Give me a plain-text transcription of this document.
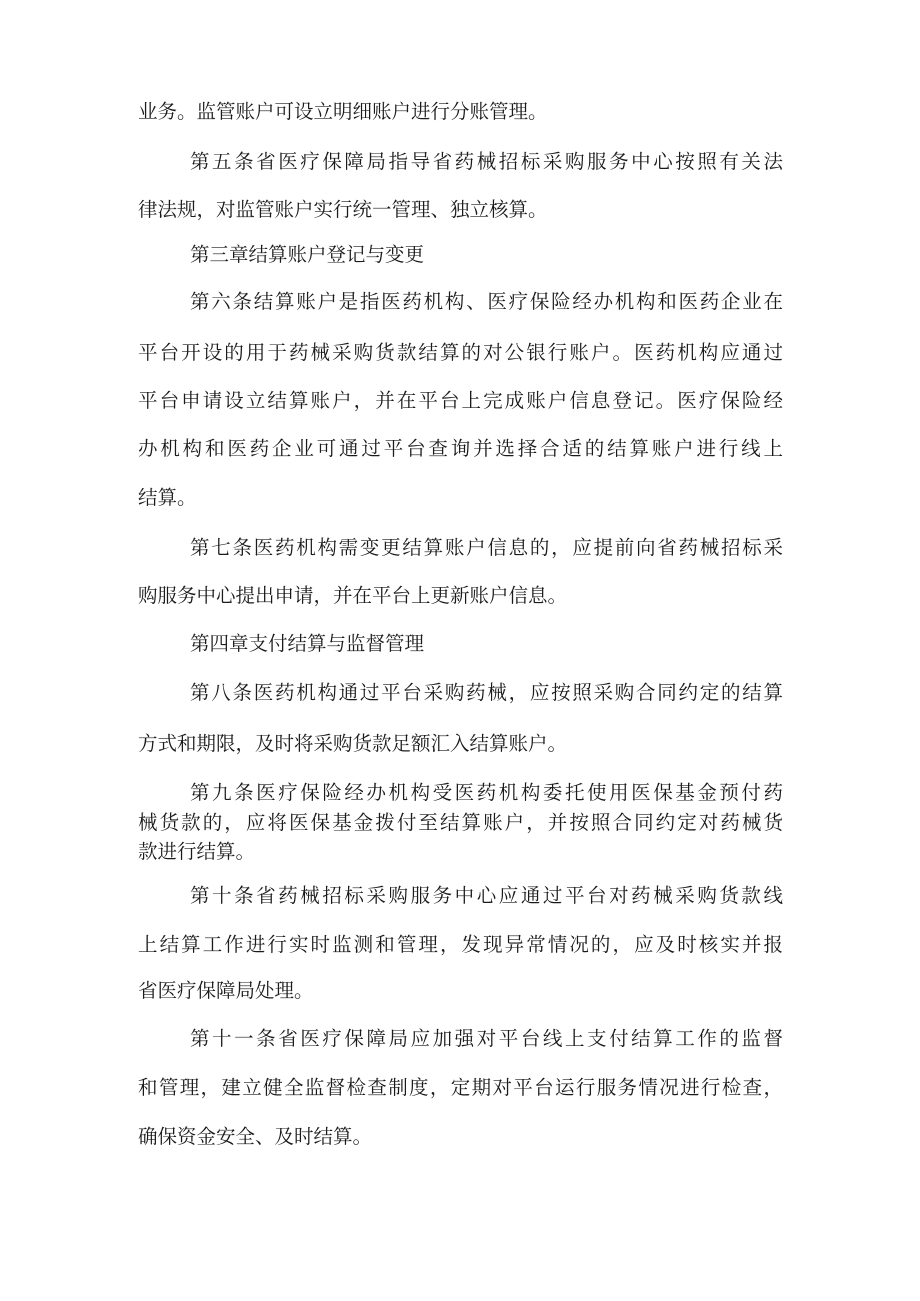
业务。监管账户可设立明细账户进行分账管理。

第五条省医疗保障局指导省药械招标采购服务中心按照有关法

律法规，对监管账户实行统一管理、独立核算。

第三章结算账户登记与变更

第六条结算账户是指医药机构、医疗保险经办机构和医药企业在

平台开设的用于药械采购货款结算的对公银行账户。医药机构应通过

平台申请设立结算账户，并在平台上完成账户信息登记。医疗保险经

办机构和医药企业可通过平台查询并选择合适的结算账户进行线上

结算。

第七条医药机构需变更结算账户信息的，应提前向省药械招标采

购服务中心提出申请，并在平台上更新账户信息。

第四章支付结算与监督管理

第八条医药机构通过平台采购药械，应按照采购合同约定的结算

方式和期限，及时将采购货款足额汇入结算账户。

第九条医疗保险经办机构受医药机构委托使用医保基金预付药

械货款的，应将医保基金拨付至结算账户，并按照合同约定对药械货

款进行结算。

第十条省药械招标采购服务中心应通过平台对药械采购货款线

上结算工作进行实时监测和管理，发现异常情况的，应及时核实并报

省医疗保障局处理。

第十一条省医疗保障局应加强对平台线上支付结算工作的监督

和管理，建立健全监督检查制度，定期对平台运行服务情况进行检查，

确保资金安全、及时结算。
